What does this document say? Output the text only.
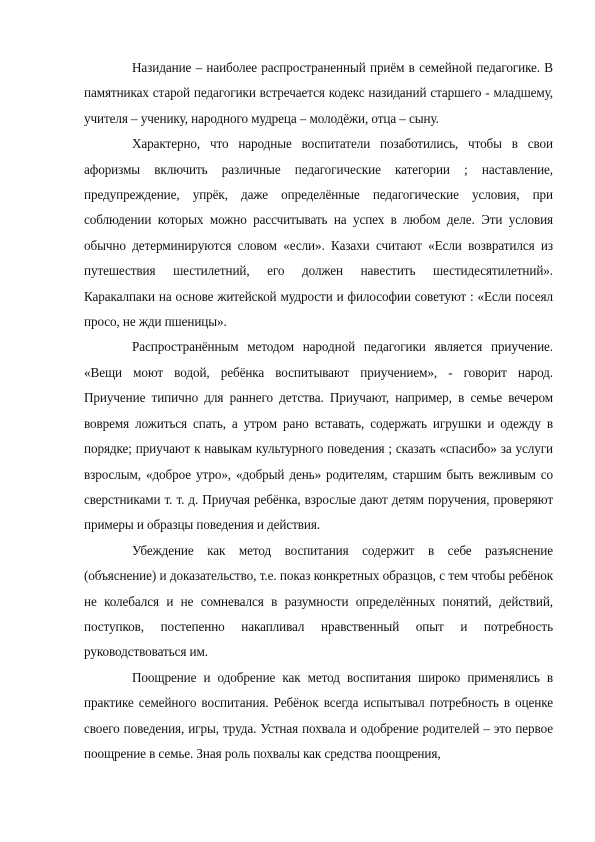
Назидание – наиболее распространенный приём в семейной педагогике. В памятниках старой педагогики встречается кодекс назиданий старшего - младшему, учителя – ученику, народного мудреца – молодёжи, отца – сыну.

Характерно, что народные воспитатели позаботились, чтобы в свои афоризмы включить различные педагогические категории ; наставление, предупреждение, упрёк, даже определённые педагогические условия, при соблюдении которых можно рассчитывать на успех в любом деле. Эти условия обычно детерминируются словом «если». Казахи считают «Если возвратился из путешествия шестилетний, его должен навестить шестидесятилетний». Каракалпаки на основе житейской мудрости и философии советуют : «Если посеял просо, не жди пшеницы».

Распространённым методом народной педагогики является приучение. «Вещи моют водой, ребёнка воспитывают приучением», - говорит народ. Приучение типично для раннего детства. Приучают, например, в семье вечером вовремя ложиться спать, а утром рано вставать, содержать игрушки и одежду в порядке; приучают к навыкам культурного поведения ; сказать «спасибо» за услуги взрослым, «доброе утро», «добрый день» родителям, старшим быть вежливым со сверстниками т. т. д. Приучая ребёнка, взрослые дают детям поручения, проверяют примеры и образцы поведения и действия.

Убеждение как метод воспитания содержит в себе разъяснение (объяснение) и доказательство, т.е. показ конкретных образцов, с тем чтобы ребёнок не колебался и не сомневался в разумности определённых понятий, действий, поступков, постепенно накапливал нравственный опыт и потребность руководствоваться им.

Поощрение и одобрение как метод воспитания широко применялись в практике семейного воспитания. Ребёнок всегда испытывал потребность в оценке своего поведения, игры, труда. Устная похвала и одобрение родителей – это первое поощрение в семье. Зная роль похвалы как средства поощрения,
